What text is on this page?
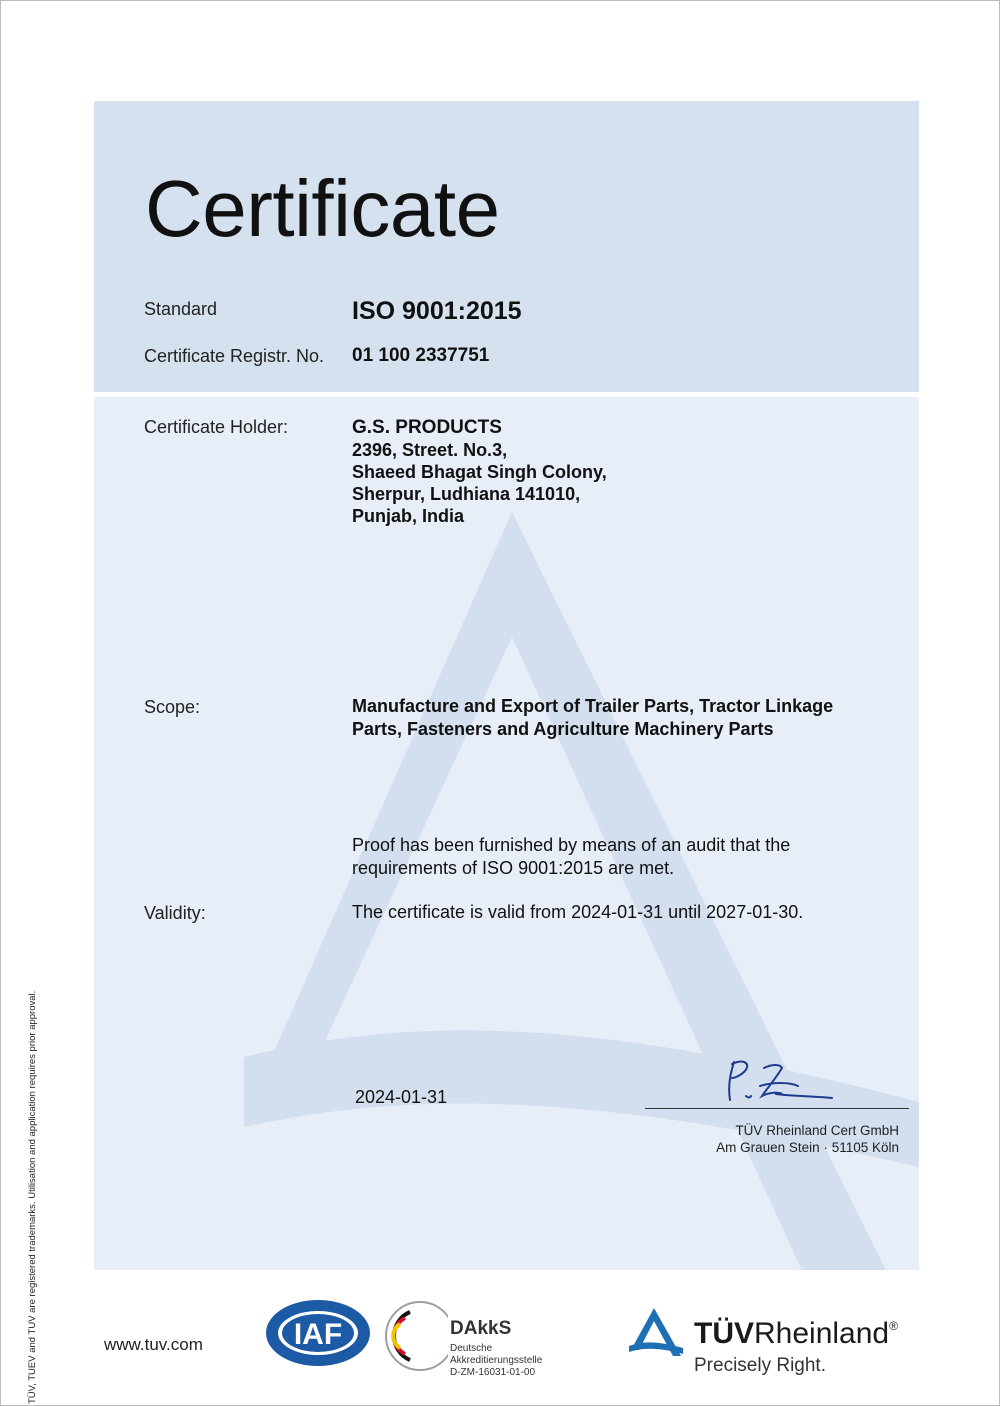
Certificate
Standard	ISO 9001:2015
Certificate Registr. No. 01 100 2337751
Certificate Holder:	G.S. PRODUCTS
2396, Street. No.3,
Shaeed Bhagat Singh Colony,
Sherpur, Ludhiana 141010,
Punjab, India
Scope:	Manufacture and Export of Trailer Parts, Tractor Linkage
Parts, Fasteners and Agriculture Machinery Parts
Proof has been furnished by means of an audit that the
requirements of ISO 9001:2015 are met.
Validity:	The certificate is valid from 2024-01-31 until 2027-01-30.
2024-01-31
TÜV Rheinland Cert GmbH
Am Grauen Stein · 51105 Köln
TÜV, TUEV and TUV are registered trademarks. Utilisation and application requires prior approval.	www.tuv.com	IAF	DAkkS
Deutsche
Akkreditierungsstelle
D-ZM-16031-01-00
TÜVRheinland®
Precisely Right.
